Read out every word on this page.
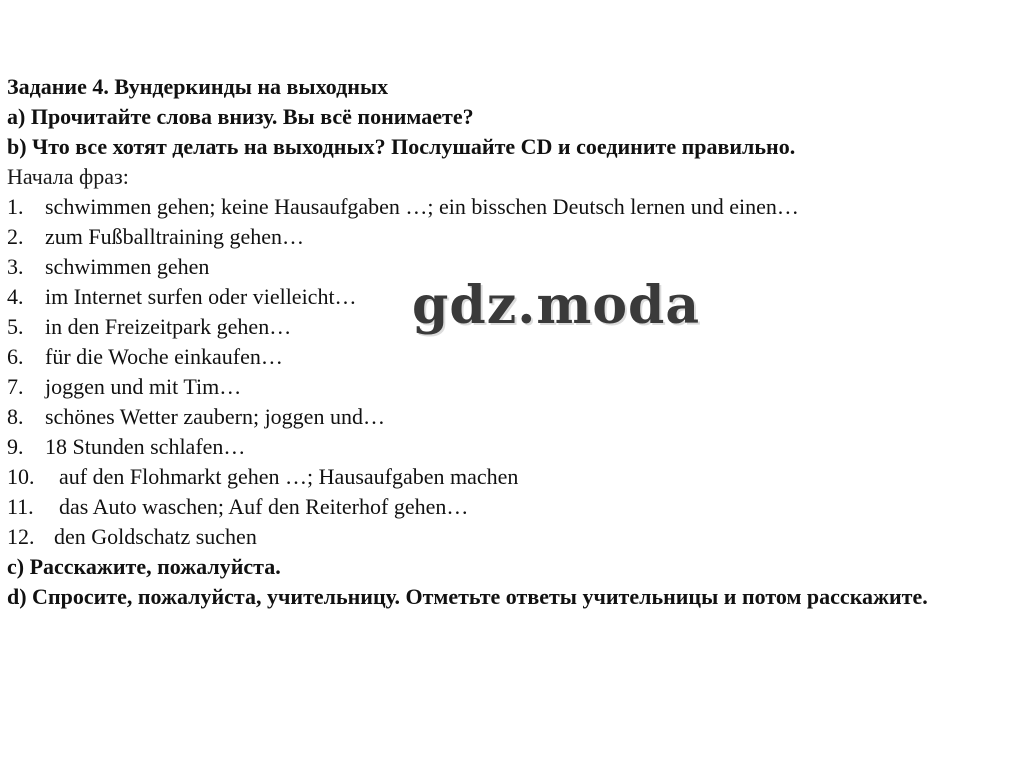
Задание 4. Вундеркинды на выходных
a) Прочитайте слова внизу. Вы всё понимаете?
b) Что все хотят делать на выходных? Послушайте CD и соедините правильно.
Начала фраз:
1. schwimmen gehen; keine Hausaufgaben …; ein bisschen Deutsch lernen und einen…
2. zum Fußballtraining gehen…
3. schwimmen gehen
4. im Internet surfen oder vielleicht…
5. in den Freizeitpark gehen…
6. für die Woche einkaufen…
7. joggen und mit Tim…
8. schönes Wetter zaubern; joggen und…
9. 18 Stunden schlafen…
10.	auf den Flohmarkt gehen …; Hausaufgaben machen
11.	das Auto waschen; Auf den Reiterhof gehen…
12. den Goldschatz suchen
c) Расскажите, пожалуйста.
d) Спросите, пожалуйста, учительницу. Отметьте ответы учительницы и потом расскажите.
gdz.moda
